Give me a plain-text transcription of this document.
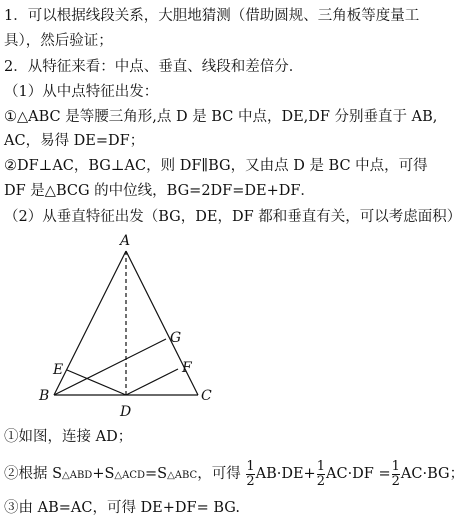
1．可以根据线段关系，大胆地猜测（借助圆规、三角板等度量工
具），然后验证；
2．从特征来看：中点、垂直、线段和差倍分．
（1）从中点特征出发：
①△ABC 是等腰三角形,点 D 是 BC 中点，DE,DF 分别垂直于 AB,
AC，易得 DE=DF；
②DF⊥AC，BG⊥AC，则 DF∥BG，又由点 D 是 BC 中点，可得
DF 是△BCG 的中位线，BG=2DF=DE+DF．
（2）从垂直特征出发（BG，DE，DF 都和垂直有关，可以考虑面积）
A
B	C
D
E	F
G
①如图，连接 AD；
②根据 S△ABD+S△ACD=S△ABC，可得 $\frac{1}{2} AB\cdot DE+ \frac{1}{2} AC\cdot DF = \frac{1}{2} AC\cdot BG$；
③由 AB=AC，可得 DE+DF= BG.
